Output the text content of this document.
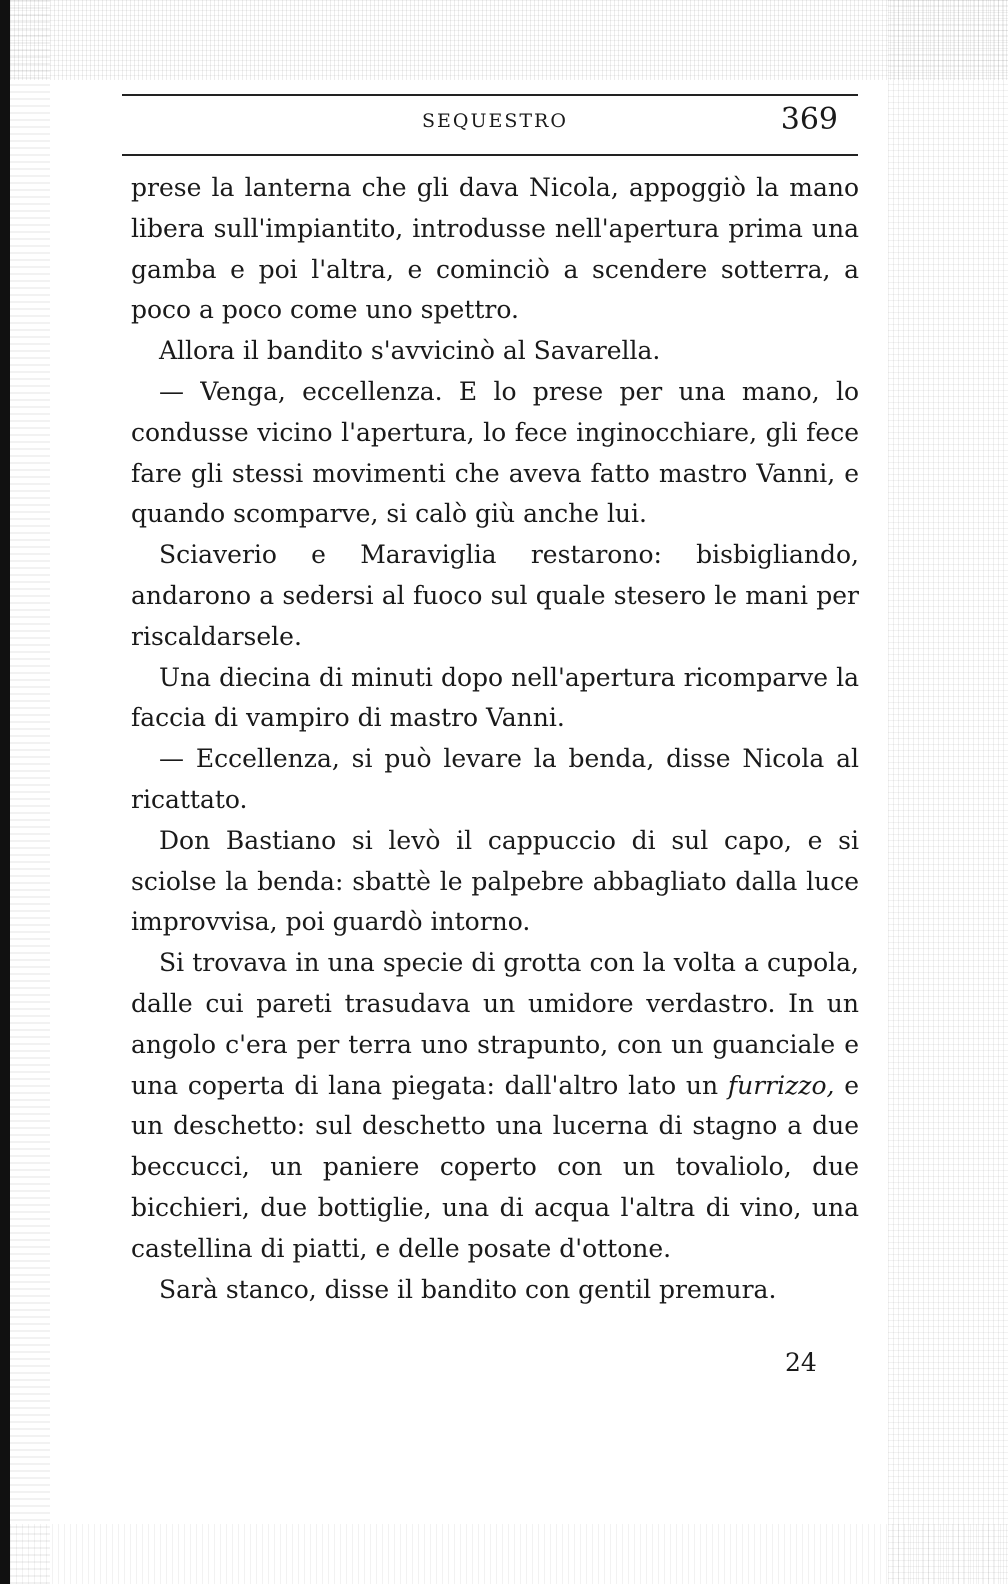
SEQUESTRO	369

prese la lanterna che gli dava Nicola, appoggiò la mano libera sull'impiantito, introdusse nell'apertura prima una gamba e poi l'altra, e cominciò a scendere sotterra, a poco a poco come uno spettro.

Allora il bandito s'avvicinò al Savarella.

— Venga, eccellenza. E lo prese per una mano, lo condusse vicino l'apertura, lo fece inginocchiare, gli fece fare gli stessi movimenti che aveva fatto mastro Vanni, e quando scomparve, si calò giù anche lui.

Sciaverio e Maraviglia restarono: bisbigliando, andarono a sedersi al fuoco sul quale stesero le mani per riscaldarsele.

Una diecina di minuti dopo nell'apertura ricomparve la faccia di vampiro di mastro Vanni.

— Eccellenza, si può levare la benda, disse Nicola al ricattato.

Don Bastiano si levò il cappuccio di sul capo, e si sciolse la benda: sbattè le palpebre abbagliato dalla luce improvvisa, poi guardò intorno.

Si trovava in una specie di grotta con la volta a cupola, dalle cui pareti trasudava un umidore verdastro. In un angolo c'era per terra uno strapunto, con un guanciale e una coperta di lana piegata: dall'altro lato un furrizzo, e un deschetto: sul deschetto una lucerna di stagno a due beccucci, un paniere coperto con un tovaliolo, due bicchieri, due bottiglie, una di acqua l'altra di vino, una castellina di piatti, e delle posate d'ottone.

Sarà stanco, disse il bandito con gentil premura.

24
